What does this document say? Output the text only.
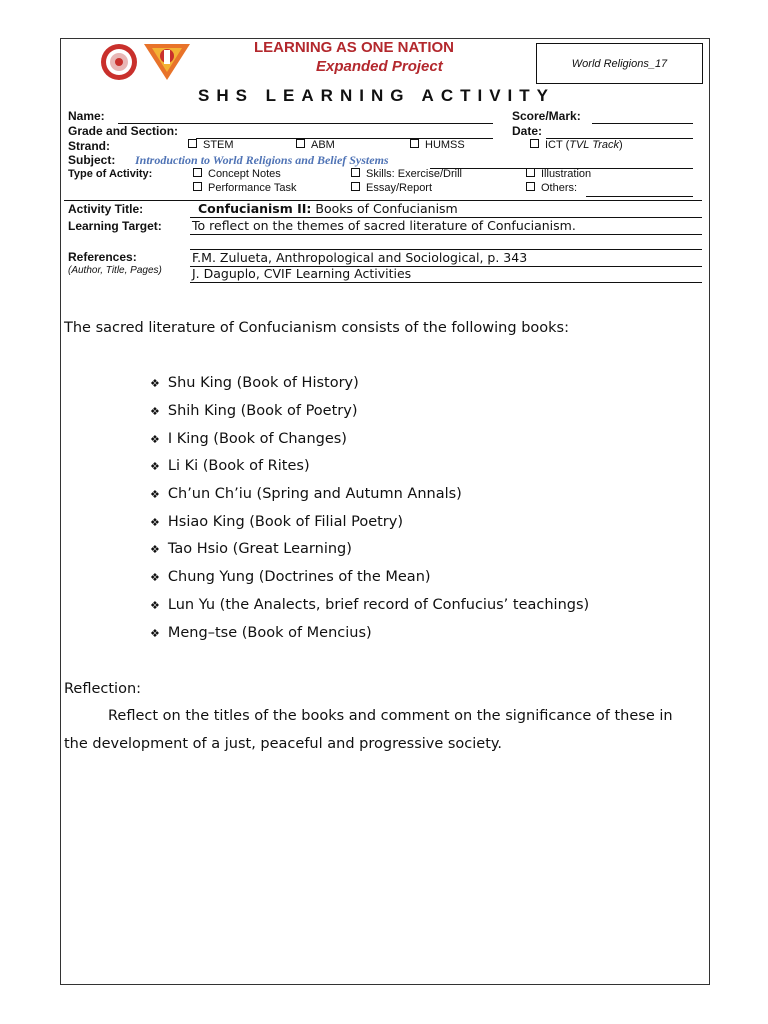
LEARNING AS ONE NATION
Expanded Project	World Religions_17
SHS LEARNING ACTIVITY
Name:	Score/Mark:
Grade and Section:	Date:
Strand:	STEM	ABM	HUMSS	ICT (TVL Track)
Subject: Introduction to World Religions and Belief Systems
Type of Activity:	Concept Notes	Skills: Exercise/Drill	Illustration
Performance Task	Essay/Report	Others:
Activity Title:	Confucianism II: Books of Confucianism
Learning Target: To reflect on the themes of sacred literature of Confucianism.
References:
(Author, Title, Pages)
F.M. Zulueta, Anthropological and Sociological, p. 343
J. Daguplo, CVIF Learning Activities
The sacred literature of Confucianism consists of the following books:
❖ Shu King (Book of History)
❖ Shih King (Book of Poetry)
❖ I King (Book of Changes)
❖ Li Ki (Book of Rites)
❖ Ch’un Ch’iu (Spring and Autumn Annals)
❖ Hsiao King (Book of Filial Poetry)
❖ Tao Hsio (Great Learning)
❖ Chung Yung (Doctrines of the Mean)
❖ Lun Yu (the Analects, brief record of Confucius’ teachings)
❖ Meng–tse (Book of Mencius)
Reflection:
Reflect on the titles of the books and comment on the significance of these in
the development of a just, peaceful and progressive society.
